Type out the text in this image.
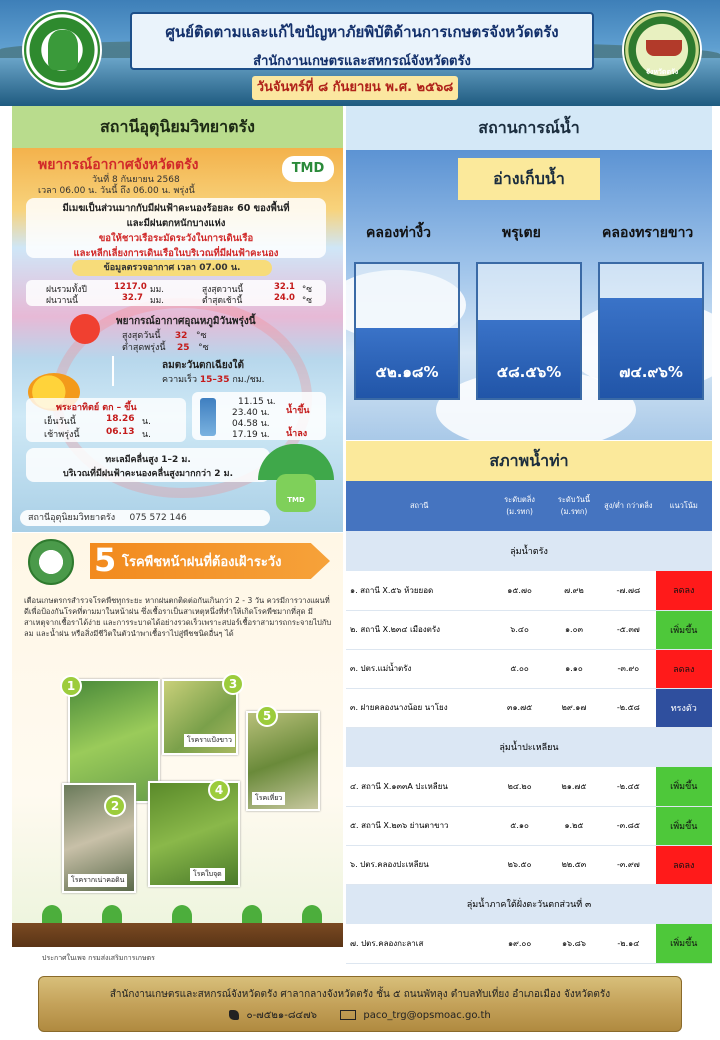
ศูนย์ติดตามและแก้ไขปัญหาภัยพิบัติด้านการเกษตรจังหวัดตรัง
สำนักงานเกษตรและสหกรณ์จังหวัดตรัง
วันจันทร์ที่ ๘ กันยายน พ.ศ. ๒๕๖๘
จังหวัดตรัง
สถานีอุตุนิยมวิทยาตรัง
พยากรณ์อากาศจังหวัดตรัง	TMD
วันที่ 8 กันยายน 2568
เวลา 06.00 น. วันนี้ ถึง 06.00 น. พรุ่งนี้
มีเมฆเป็นส่วนมากกับมีฝนฟ้าคะนองร้อยละ 60 ของพื้นที่
และมีฝนตกหนักบางแห่ง
ขอให้ชาวเรือระมัดระวังในการเดินเรือ
และหลีกเลี่ยงการเดินเรือในบริเวณที่มีฝนฟ้าคะนอง
ข้อมูลตรวจอากาศ เวลา 07.00 น.
ฝนรวมทั้งปี	1217.0 มม.
ฝนวานนี้	32.7 มม.
สูงสุดวานนี้	32.1 °ซ
ต่ำสุดเช้านี้	24.0 °ซ
พยากรณ์อากาศอุณหภูมิวันพรุ่งนี้
สูงสุดวันนี้ 32 °ซ
ต่ำสุดพรุ่งนี้ 25 °ซ
ลมตะวันตกเฉียงใต้
ความเร็ว 15–35 กม./ชม.
พระอาทิตย์ ตก – ขึ้น
เย็นวันนี้	18.26 น.
เช้าพรุ่งนี้	06.13 น.
11.15 น.
23.40 น. น้ำขึ้น
04.58 น.
17.19 น. น้ำลง
ทะเลมีคลื่นสูง 1–2 ม.
บริเวณที่มีฝนฟ้าคะนองคลื่นสูงมากกว่า 2 ม.
TMD
สถานีอุตุนิยมวิทยาตรัง 075 572 146
5 โรคพืชหน้าฝนที่ต้องเฝ้าระวัง
เตือนเกษตรกรสำรวจโรคพืชทุกระยะ หากฝนตกติดต่อกันเกินกว่า 2 - 3 วัน ควรมีการวางแผนที่ดีเพื่อป้องกันโรคที่ตามมาในหน้าฝน ซึ่งเชื้อราเป็นสาเหตุหนึ่งที่ทำให้เกิดโรคพืชมากที่สุด มีสาเหตุจากเชื้อราได้ง่าย และการระบาดได้อย่างรวดเร็วเพราะสปอร์เชื้อราสามารถกระจายไปกับลม และน้ำฝน หรือสิ่งมีชีวิตในตัวนำพาเชื้อราไปสู่พืชชนิดอื่นๆ ได้
1
โรคราแป้งขาว
3
โรคเหี่ยว
5
โรครากเน่าคอดิน
2
โรคใบจุด
4
ประกาศในเพจ กรมส่งเสริมการเกษตร
สถานการณ์น้ำ
อ่างเก็บน้ำ
คลองท่างิ้ว	พรุเตย	คลองทรายขาว
๕๒.๑๘%	๕๘.๕๖%	๗๔.๙๖%
สภาพน้ำท่า
สถานี	ระดับตลิ่ง (ม.รทก)	ระดับวันนี้ (ม.รทก)	สูง/ต่ำ กว่าตลิ่ง	แนวโน้ม
ลุ่มน้ำตรัง				
๑. สถานี X.๕๖ ห้วยยอด	๑๕.๗๐	๗.๙๒	-๗.๗๘	ลดลง
๒. สถานี X.๒๓๔ เมืองตรัง	๖.๔๐	๑.๐๓	-๕.๓๗	เพิ่มขึ้น
๓. ปตร.แม่น้ำตรัง	๕.๐๐	๑.๑๐	-๓.๙๐	ลดลง
๓. ฝายคลองนางน้อย นาโยง	๓๑.๗๕	๒๙.๑๗	-๒.๕๘	ทรงตัว
ลุ่มน้ำปะเหลียน				
๔. สถานี X.๑๓๓A ปะเหลียน	๒๔.๒๐	๒๑.๗๕	-๒.๔๕	เพิ่มขึ้น
๕. สถานี X.๒๓๖ ย่านตาขาว	๕.๑๐	๑.๒๕	-๓.๘๕	เพิ่มขึ้น
๖. ปตร.คลองปะเหลียน	๒๖.๕๐	๒๒.๕๓	-๓.๙๗	ลดลง
ลุ่มน้ำภาคใต้ฝั่งตะวันตกส่วนที่ ๓				
๗. ปตร.คลองกะลาเส	๑๙.๐๐	๑๖.๘๖	-๒.๑๔	เพิ่มขึ้น
สำนักงานเกษตรและสหกรณ์จังหวัดตรัง ศาลากลางจังหวัดตรัง ชั้น ๕ ถนนพัทลุง ตำบลทับเที่ยง อำเภอเมือง จังหวัดตรัง
๐-๗๕๒๑-๘๔๗๖	paco_trg@opsmoac.go.th
